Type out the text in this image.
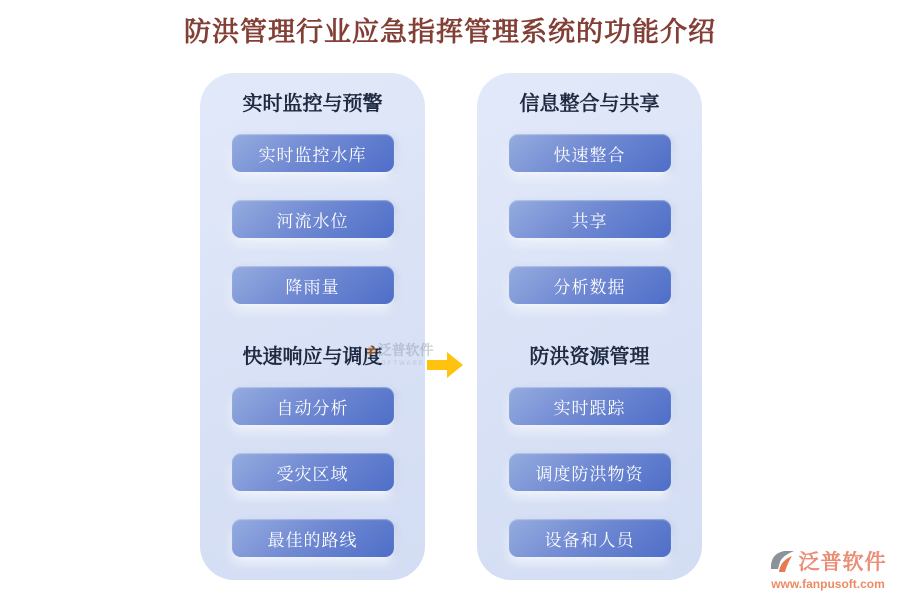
防洪管理行业应急指挥管理系统的功能介绍
实时监控与预警
实时监控水库
河流水位
降雨量
快速响应与调度
自动分析
受灾区域
最佳的路线
信息整合与共享
快速整合
共享
分析数据
防洪资源管理
实时跟踪
调度防洪物资
设备和人员
泛普软件
SOFTWARE
泛普软件
www.fanpusoft.com
